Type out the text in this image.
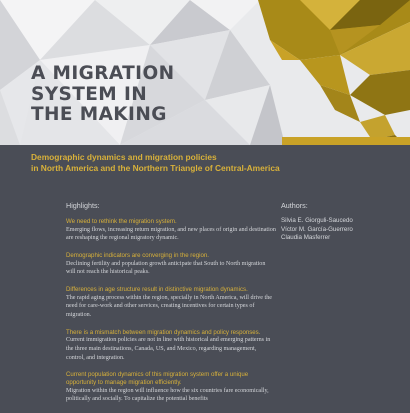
A MIGRATION
SYSTEM IN
THE MAKING
Demographic dynamics and migration policies
in North America and the Northern Triangle of Central-America
Highlights:	Authors:
Silvia E. Giorguli-Saucedo
Víctor M. García-Guerrero
Claudia Masferrer
We need to rethink the migration system.
Emerging flows, increasing return migration, and new places of origin and destination are reshaping the regional migratory dynamic.
Demographic indicators are converging in the region.
Declining fertility and population growth anticipate that South to North migration will not reach the historical peaks.
Differences in age structure result in distinctive migration dynamics.
The rapid aging process within the region, specially in North America, will drive the need for care-work and other services, creating incentives for certain types of migration.
There is a mismatch between migration dynamics and policy responses.
Current immigration policies are not in line with historical and emerging patterns in the three main destinations, Canada, US, and Mexico, regarding management, control, and integration.
Current population dynamics of this migration system offer a unique opportunity to manage migration efficiently.
Migration within the region will influence how the six countries fare economically, politically and socially. To capitalize the potential benefits
